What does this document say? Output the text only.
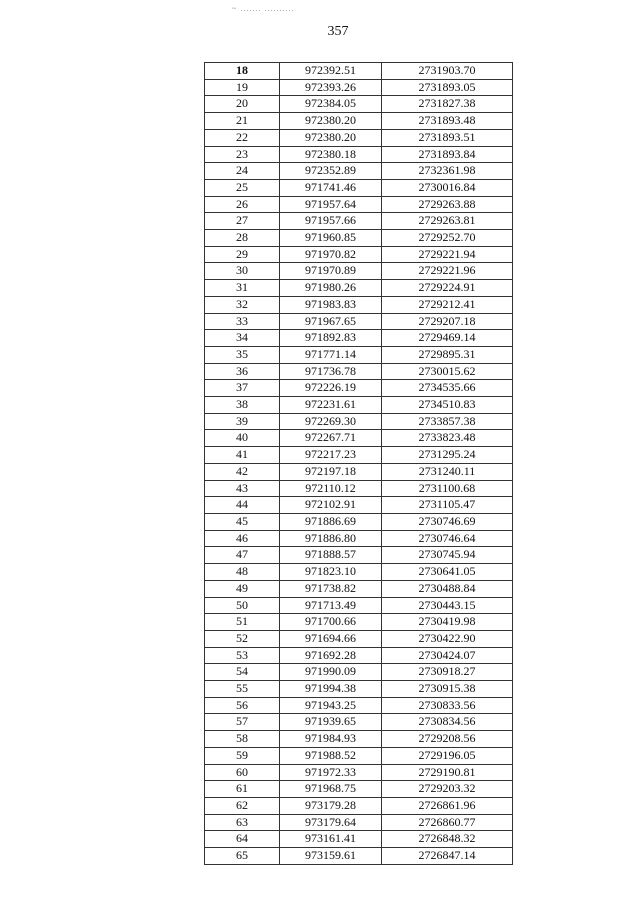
~ ....... ..........
357
18	972392.51	2731903.70
19	972393.26	2731893.05
20	972384.05	2731827.38
21	972380.20	2731893.48
22	972380.20	2731893.51
23	972380.18	2731893.84
24	972352.89	2732361.98
25	971741.46	2730016.84
26	971957.64	2729263.88
27	971957.66	2729263.81
28	971960.85	2729252.70
29	971970.82	2729221.94
30	971970.89	2729221.96
31	971980.26	2729224.91
32	971983.83	2729212.41
33	971967.65	2729207.18
34	971892.83	2729469.14
35	971771.14	2729895.31
36	971736.78	2730015.62
37	972226.19	2734535.66
38	972231.61	2734510.83
39	972269.30	2733857.38
40	972267.71	2733823.48
41	972217.23	2731295.24
42	972197.18	2731240.11
43	972110.12	2731100.68
44	972102.91	2731105.47
45	971886.69	2730746.69
46	971886.80	2730746.64
47	971888.57	2730745.94
48	971823.10	2730641.05
49	971738.82	2730488.84
50	971713.49	2730443.15
51	971700.66	2730419.98
52	971694.66	2730422.90
53	971692.28	2730424.07
54	971990.09	2730918.27
55	971994.38	2730915.38
56	971943.25	2730833.56
57	971939.65	2730834.56
58	971984.93	2729208.56
59	971988.52	2729196.05
60	971972.33	2729190.81
61	971968.75	2729203.32
62	973179.28	2726861.96
63	973179.64	2726860.77
64	973161.41	2726848.32
65	973159.61	2726847.14
